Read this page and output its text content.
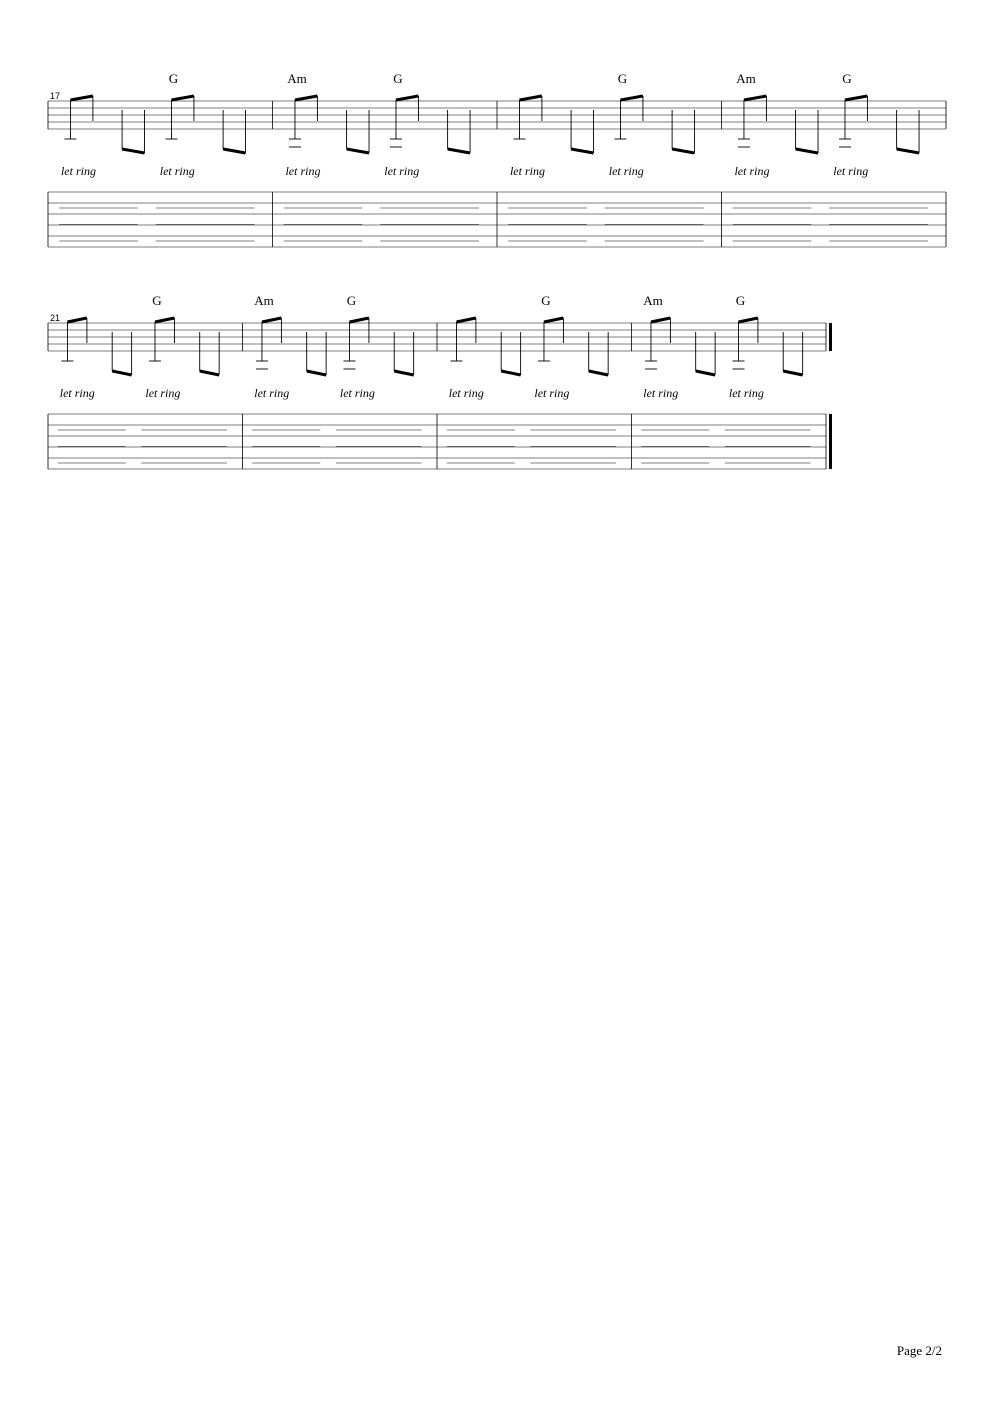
17
G
let ring	let ring
Am	G
let ring	let ring
G
let ring	let ring
Am	G
let ring	let ring
21
G
let ring	let ring
Am	G
let ring	let ring
G
let ring	let ring
Am	G
let ring	let ring
Page 2/2
